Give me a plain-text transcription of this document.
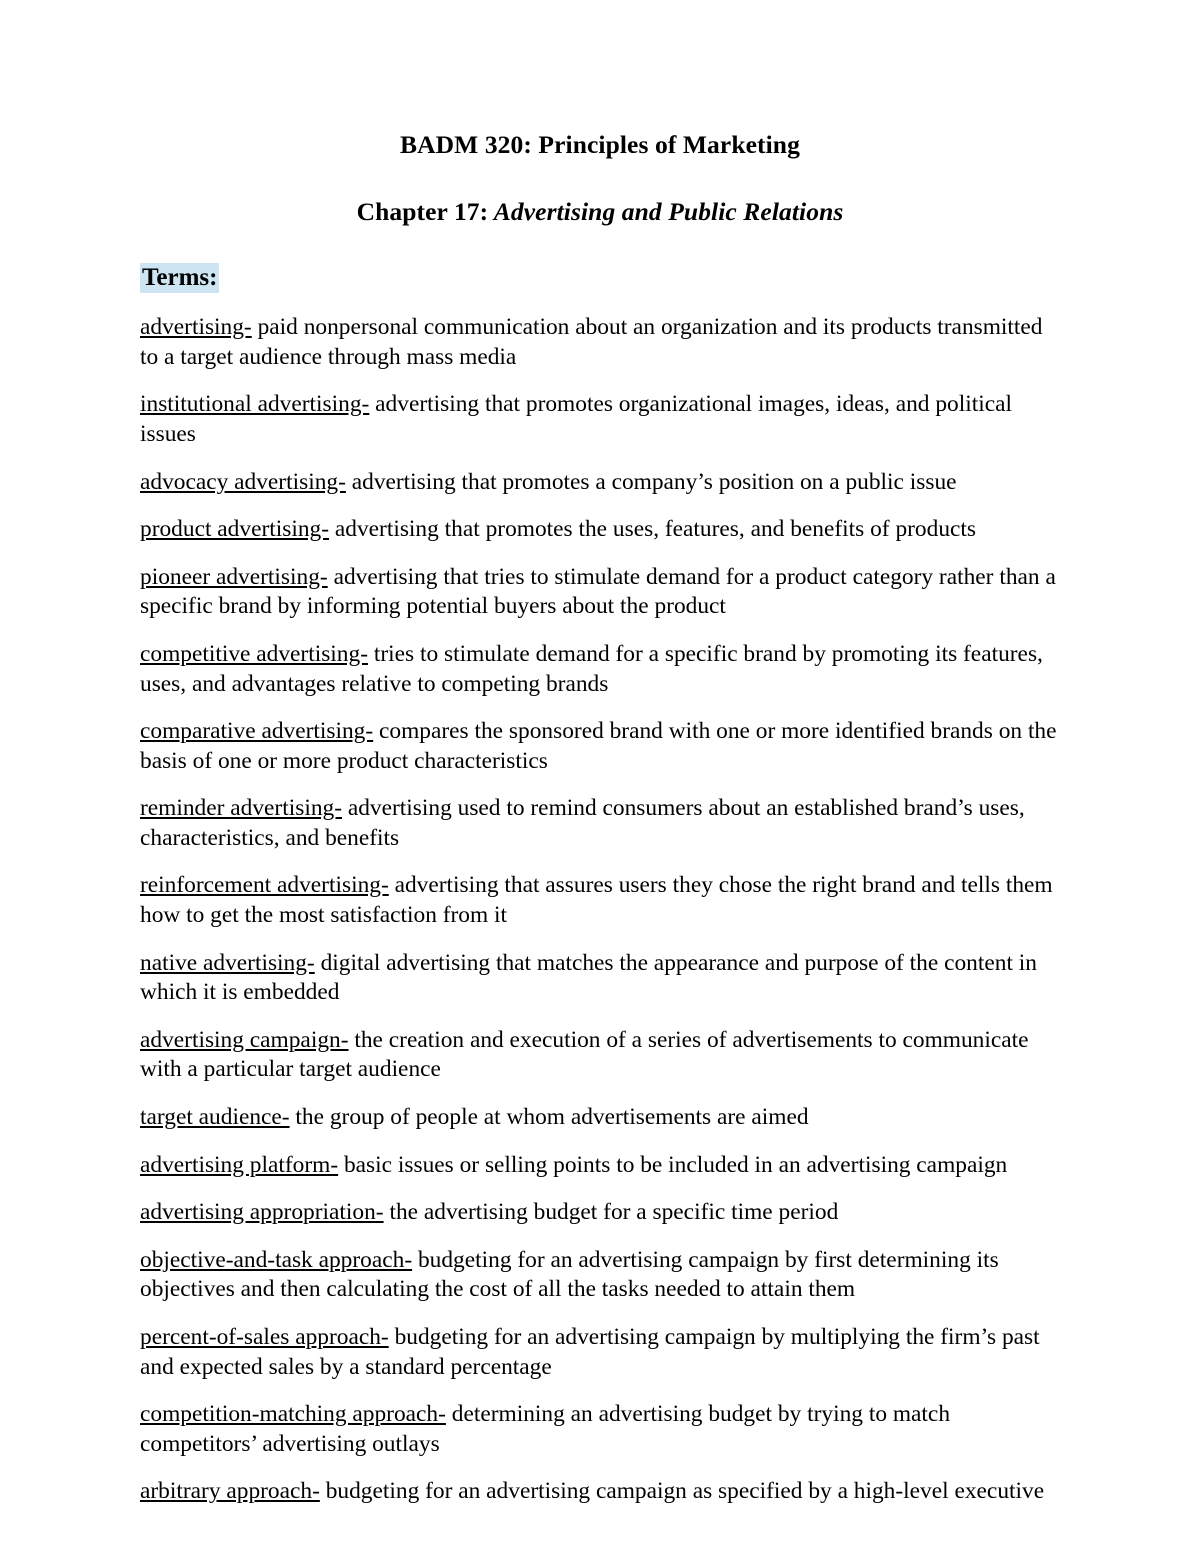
BADM 320: Principles of Marketing
Chapter 17: Advertising and Public Relations
Terms:
advertising- paid nonpersonal communication about an organization and its products transmitted to a target audience through mass media
institutional advertising- advertising that promotes organizational images, ideas, and political issues
advocacy advertising- advertising that promotes a company’s position on a public issue
product advertising- advertising that promotes the uses, features, and benefits of products
pioneer advertising- advertising that tries to stimulate demand for a product category rather than a specific brand by informing potential buyers about the product
competitive advertising- tries to stimulate demand for a specific brand by promoting its features, uses, and advantages relative to competing brands
comparative advertising- compares the sponsored brand with one or more identified brands on the basis of one or more product characteristics
reminder advertising- advertising used to remind consumers about an established brand’s uses, characteristics, and benefits
reinforcement advertising- advertising that assures users they chose the right brand and tells them how to get the most satisfaction from it
native advertising- digital advertising that matches the appearance and purpose of the content in which it is embedded
advertising campaign- the creation and execution of a series of advertisements to communicate with a particular target audience
target audience- the group of people at whom advertisements are aimed
advertising platform- basic issues or selling points to be included in an advertising campaign
advertising appropriation- the advertising budget for a specific time period
objective-and-task approach- budgeting for an advertising campaign by first determining its objectives and then calculating the cost of all the tasks needed to attain them
percent-of-sales approach- budgeting for an advertising campaign by multiplying the firm’s past and expected sales by a standard percentage
competition-matching approach- determining an advertising budget by trying to match competitors’ advertising outlays
arbitrary approach- budgeting for an advertising campaign as specified by a high-level executive
